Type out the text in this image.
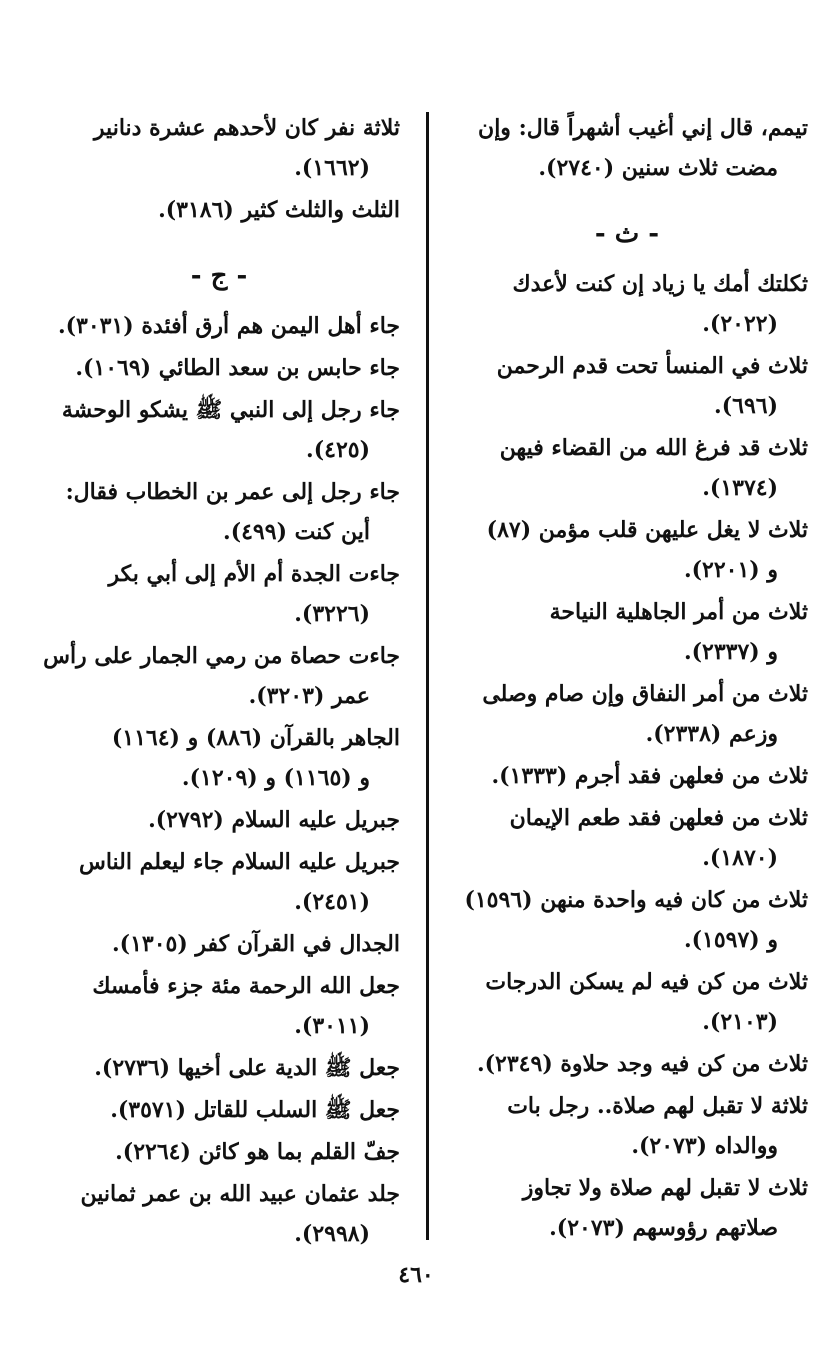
تيمم، قال إني أغيب أشهراً قال: وإن
مضت ثلاث سنين (٢٧٤٠).

- ث -

ثكلتك أمك يا زياد إن كنت لأعدك
(٢٠٢٢).

ثلاث في المنسأ تحت قدم الرحمن
(٦٩٦).

ثلاث قد فرغ الله من القضاء فيهن
(١٣٧٤).

ثلاث لا يغل عليهن قلب مؤمن (٨٧)
و (٢٢٠١).

ثلاث من أمر الجاهلية النياحة
و (٢٣٣٧).

ثلاث من أمر النفاق وإن صام وصلى
وزعم (٢٣٣٨).

ثلاث من فعلهن فقد أجرم (١٣٣٣).

ثلاث من فعلهن فقد طعم الإيمان
(١٨٧٠).

ثلاث من كان فيه واحدة منهن (١٥٩٦)
و (١٥٩٧).

ثلاث من كن فيه لم يسكن الدرجات
(٢١٠٣).

ثلاث من كن فيه وجد حلاوة (٢٣٤٩).

ثلاثة لا تقبل لهم صلاة.. رجل بات
ووالداه (٢٠٧٣).

ثلاث لا تقبل لهم صلاة ولا تجاوز
صلاتهم رؤوسهم (٢٠٧٣).

ثلاثة نفر كان لأحدهم عشرة دنانير
(١٦٦٢).

الثلث والثلث كثير (٣١٨٦).

- ج -

جاء أهل اليمن هم أرق أفئدة (٣٠٣١).

جاء حابس بن سعد الطائي (١٠٦٩).

جاء رجل إلى النبي ﷺ يشكو الوحشة
(٤٢٥).

جاء رجل إلى عمر بن الخطاب فقال:
أين كنت (٤٩٩).

جاءت الجدة أم الأم إلى أبي بكر
(٣٢٢٦).

جاءت حصاة من رمي الجمار على رأس
عمر (٣٢٠٣).

الجاهر بالقرآن (٨٨٦) و (١١٦٤)
و (١١٦٥) و (١٢٠٩).

جبريل عليه السلام (٢٧٩٢).

جبريل عليه السلام جاء ليعلم الناس
(٢٤٥١).

الجدال في القرآن كفر (١٣٠٥).

جعل الله الرحمة مئة جزء فأمسك
(٣٠١١).

جعل ﷺ الدية على أخيها (٢٧٣٦).

جعل ﷺ السلب للقاتل (٣٥٧١).

جفّ القلم بما هو كائن (٢٢٦٤).

جلد عثمان عبيد الله بن عمر ثمانين
(٢٩٩٨).

٤٦٠
